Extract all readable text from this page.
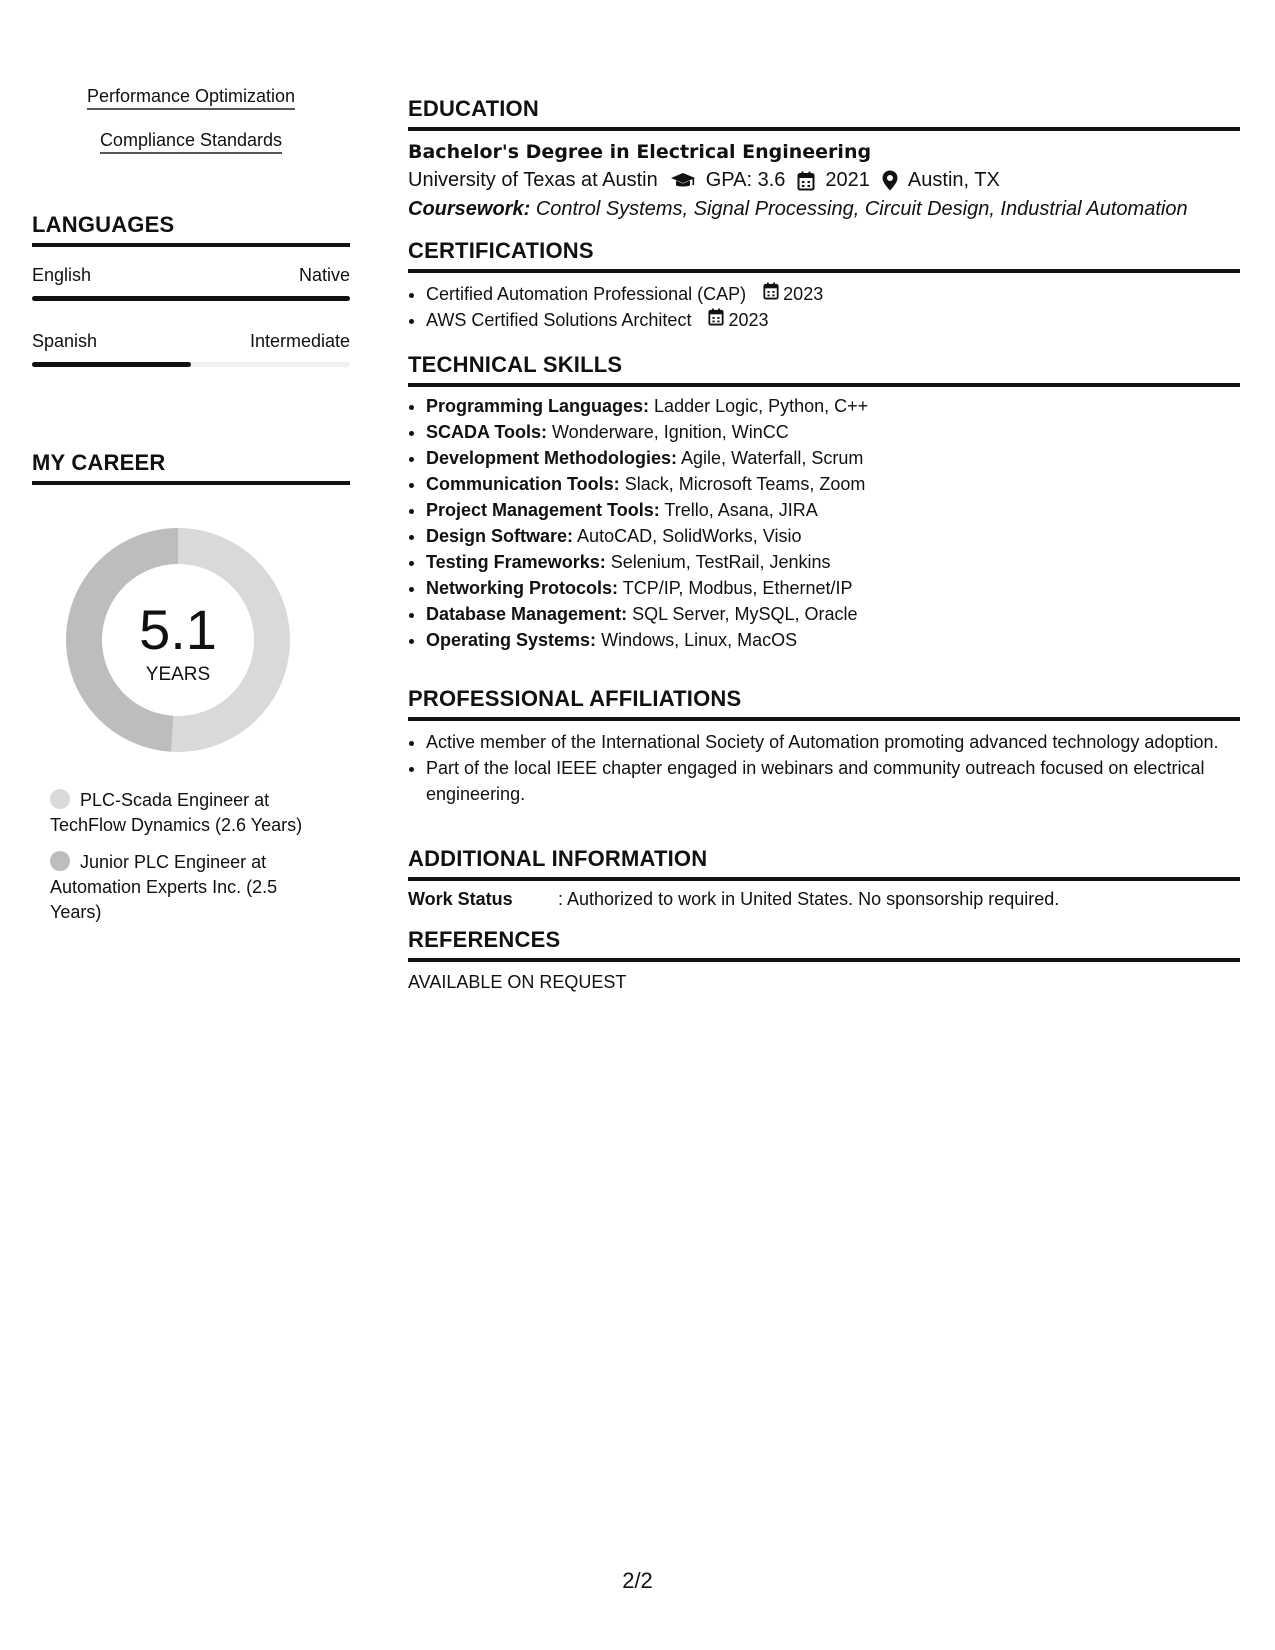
Performance Optimization
Compliance Standards
LANGUAGES
English	Native
Spanish	Intermediate
MY CAREER
5.1
YEARS
PLC-Scada Engineer at TechFlow Dynamics (2.6 Years)
Junior PLC Engineer at Automation Experts Inc. (2.5 Years)
EDUCATION
Bachelor's Degree in Electrical Engineering
University of Texas at Austin GPA: 3.6 2021 Austin, TX
Coursework: Control Systems, Signal Processing, Circuit Design, Industrial Automation
CERTIFICATIONS
• Certified Automation Professional (CAP) 2023
• AWS Certified Solutions Architect 2023
TECHNICAL SKILLS
• Programming Languages: Ladder Logic, Python, C++
• SCADA Tools: Wonderware, Ignition, WinCC
• Development Methodologies: Agile, Waterfall, Scrum
• Communication Tools: Slack, Microsoft Teams, Zoom
• Project Management Tools: Trello, Asana, JIRA
• Design Software: AutoCAD, SolidWorks, Visio
• Testing Frameworks: Selenium, TestRail, Jenkins
• Networking Protocols: TCP/IP, Modbus, Ethernet/IP
• Database Management: SQL Server, MySQL, Oracle
• Operating Systems: Windows, Linux, MacOS
PROFESSIONAL AFFILIATIONS
• Active member of the International Society of Automation promoting advanced technology adoption.
• Part of the local IEEE chapter engaged in webinars and community outreach focused on electrical engineering.
ADDITIONAL INFORMATION
Work Status	: Authorized to work in United States. No sponsorship required.
REFERENCES
AVAILABLE ON REQUEST
2/2
